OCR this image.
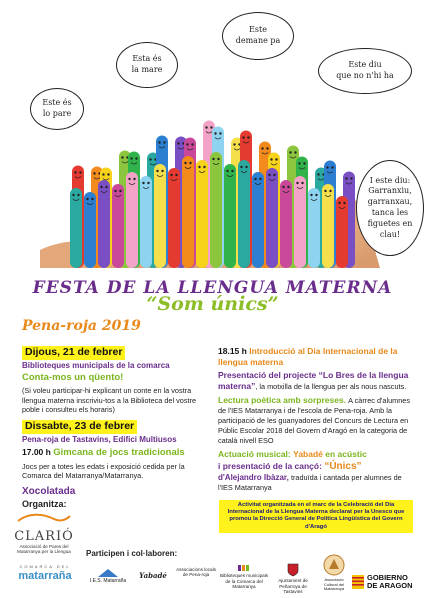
Este és
lo pare
Esta és
la mare
Este
demane pa
Este diu
que no n'hi ha
I este diu:
Garranxiu,
garranxau,
tanca les
figuetes en
clau!
FESTA DE LA LLENGUA MATERNA
“Som únics”
Pena-roja 2019
Dijous, 21 de febrer
Biblioteques municipals de la comarca
Conta-mos un qüento!
(Si voleu participar-hi explicant un conte en la vostra llengua materna inscriviu-tos a la Biblioteca del vostre poble i consulteu els horaris)
Dissabte, 23 de febrer
Pena-roja de Tastavins, Edifici Multiusos
17.00 h Gimcana de jocs tradicionals
Jocs per a totes les edats i exposició cedida per la Comarca del Matarranya/Matarranya.
Xocolatada
18.15 h Introducció al Dia Internacional de la llengua materna
Presentació del projecte “Lo Bres de la llengua materna”, la motxilla de la llengua per als nous nascuts.
Lectura poètica amb sorpreses. A càrrec d'alumnes de l'IES Matarranya i de l'escola de Pena-roja. Amb la participació de les guanyadores del Concurs de Lectura en Públic Escolar 2018 del Govern d'Aragó en la categoria de català nivell ESO
Actuació musical: Yabadé en acústic
i presentació de la cançó: “Únics”
d'Alejandro Ibàzar, traduïda i cantada per alumnes de l'IES Matarranya
Activitat organitzada en el marc de la Celebració del Dia Internacional de la Llengua Materna declarat per la Unesco que promou la Direcció General de Política Lingüística del Govern d'Aragó
Organitza:
CLARIÓ
Associació de Pares del Matarranya per la Llengua	Participen i col·laboren:
COMARCA DEL
matarraña	I.E.S. Matarraña
Yabadé
Associacions locals de Pena-roja	Biblioteques municipals de la Comarca del Matarranya
Ajuntament de Peñarroya de Tastavins
Associació Cultural del Matarranya
GOBIERNO
DE ARAGON
